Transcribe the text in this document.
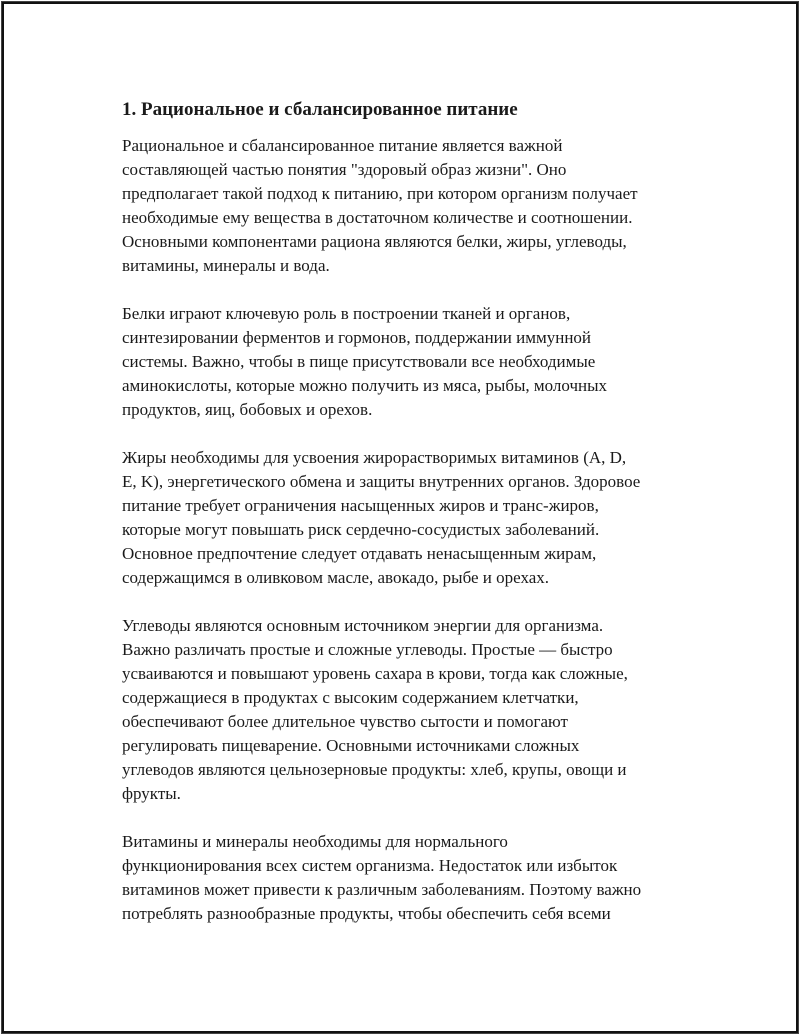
1. Рациональное и сбалансированное питание

Рациональное и сбалансированное питание является важной
составляющей частью понятия "здоровый образ жизни". Оно
предполагает такой подход к питанию, при котором организм получает
необходимые ему вещества в достаточном количестве и соотношении.
Основными компонентами рациона являются белки, жиры, углеводы,
витамины, минералы и вода.

Белки играют ключевую роль в построении тканей и органов,
синтезировании ферментов и гормонов, поддержании иммунной
системы. Важно, чтобы в пище присутствовали все необходимые
аминокислоты, которые можно получить из мяса, рыбы, молочных
продуктов, яиц, бобовых и орехов.

Жиры необходимы для усвоения жирорастворимых витаминов (A, D,
E, K), энергетического обмена и защиты внутренних органов. Здоровое
питание требует ограничения насыщенных жиров и транс-жиров,
которые могут повышать риск сердечно-сосудистых заболеваний.
Основное предпочтение следует отдавать ненасыщенным жирам,
содержащимся в оливковом масле, авокадо, рыбе и орехах.

Углеводы являются основным источником энергии для организма.
Важно различать простые и сложные углеводы. Простые — быстро
усваиваются и повышают уровень сахара в крови, тогда как сложные,
содержащиеся в продуктах с высоким содержанием клетчатки,
обеспечивают более длительное чувство сытости и помогают
регулировать пищеварение. Основными источниками сложных
углеводов являются цельнозерновые продукты: хлеб, крупы, овощи и
фрукты.

Витамины и минералы необходимы для нормального
функционирования всех систем организма. Недостаток или избыток
витаминов может привести к различным заболеваниям. Поэтому важно
потреблять разнообразные продукты, чтобы обеспечить себя всеми
